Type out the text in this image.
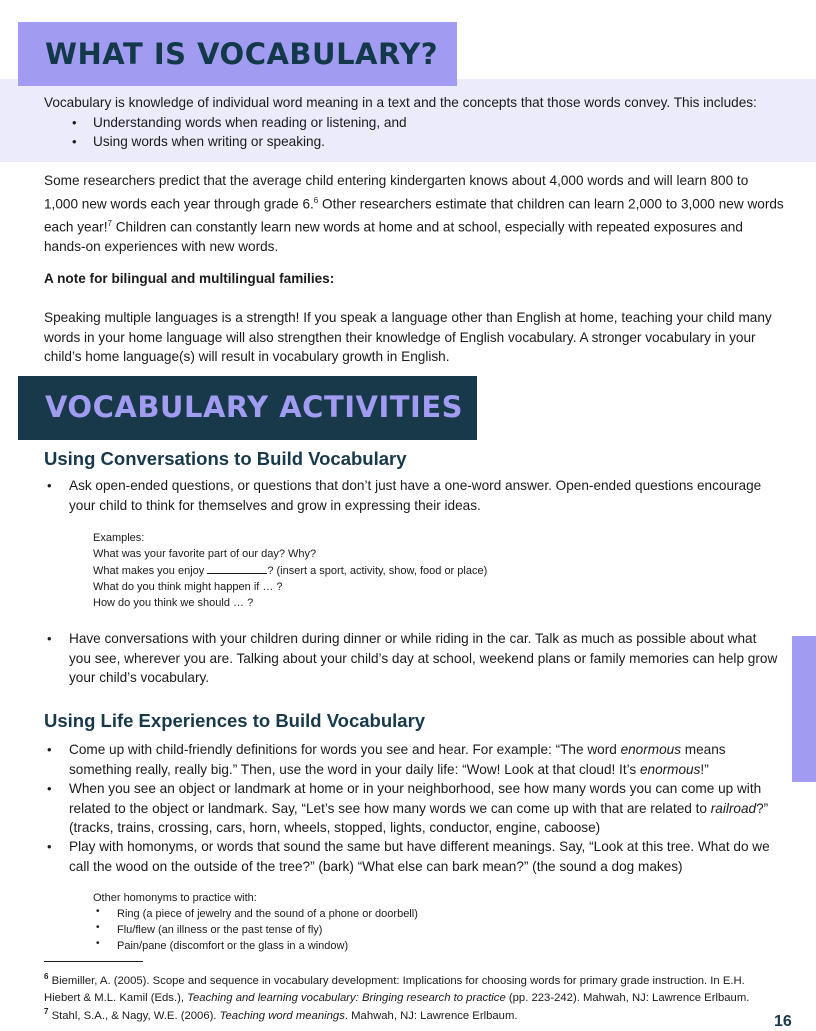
WHAT IS VOCABULARY?

Vocabulary is knowledge of individual word meaning in a text and the concepts that those words convey. This includes:

• Understanding words when reading or listening, and
• Using words when writing or speaking.

Some researchers predict that the average child entering kindergarten knows about 4,000 words and will learn 800 to 1,000 new words each year through grade 6.$^6$ Other researchers estimate that children can learn 2,000 to 3,000 new words each year!$^7$ Children can constantly learn new words at home and at school, especially with repeated exposures and hands-on experiences with new words.

A note for bilingual and multilingual families:

Speaking multiple languages is a strength! If you speak a language other than English at home, teaching your child many words in your home language will also strengthen their knowledge of English vocabulary. A stronger vocabulary in your child’s home language(s) will result in vocabulary growth in English.

VOCABULARY ACTIVITIES
Using Conversations to Build Vocabulary
• Ask open-ended questions, or questions that don’t just have a one-word answer. Open-ended questions encourage your child to think for themselves and grow in expressing their ideas.

Examples:
What was your favorite part of our day? Why?
What makes you enjoy	? (insert a sport, activity, show, food or place)
What do you think might happen if … ?
How do you think we should … ?
• Have conversations with your children during dinner or while riding in the car. Talk as much as possible about what you see, wherever you are. Talking about your child’s day at school, weekend plans or family memories can help grow your child’s vocabulary.

Using Life Experiences to Build Vocabulary
• Come up with child-friendly definitions for words you see and hear. For example: “The word enormous means something really, really big.” Then, use the word in your daily life: “Wow! Look at that cloud! It’s enormous!”

• When you see an object or landmark at home or in your neighborhood, see how many words you can come up with related to the object or landmark. Say, “Let’s see how many words we can come up with that are related to railroad?” (tracks, trains, crossing, cars, horn, wheels, stopped, lights, conductor, engine, caboose)

• Play with homonyms, or words that sound the same but have different meanings. Say, “Look at this tree. What do we call the wood on the outside of the tree?” (bark) “What else can bark mean?” (the sound a dog makes)

Other homonyms to practice with:
• Ring (a piece of jewelry and the sound of a phone or doorbell)
• Flu/flew (an illness or the past tense of fly)
• Pain/pane (discomfort or the glass in a window)
$^6$ Biemiller, A. (2005). Scope and sequence in vocabulary development: Implications for choosing words for primary grade instruction. In E.H. Hiebert & M.L. Kamil (Eds.), Teaching and learning vocabulary: Bringing research to practice (pp. 223-242). Mahwah, NJ: Lawrence Erlbaum.
$^7$ Stahl, S.A., & Nagy, W.E. (2006). Teaching word meanings. Mahwah, NJ: Lawrence Erlbaum.	16
